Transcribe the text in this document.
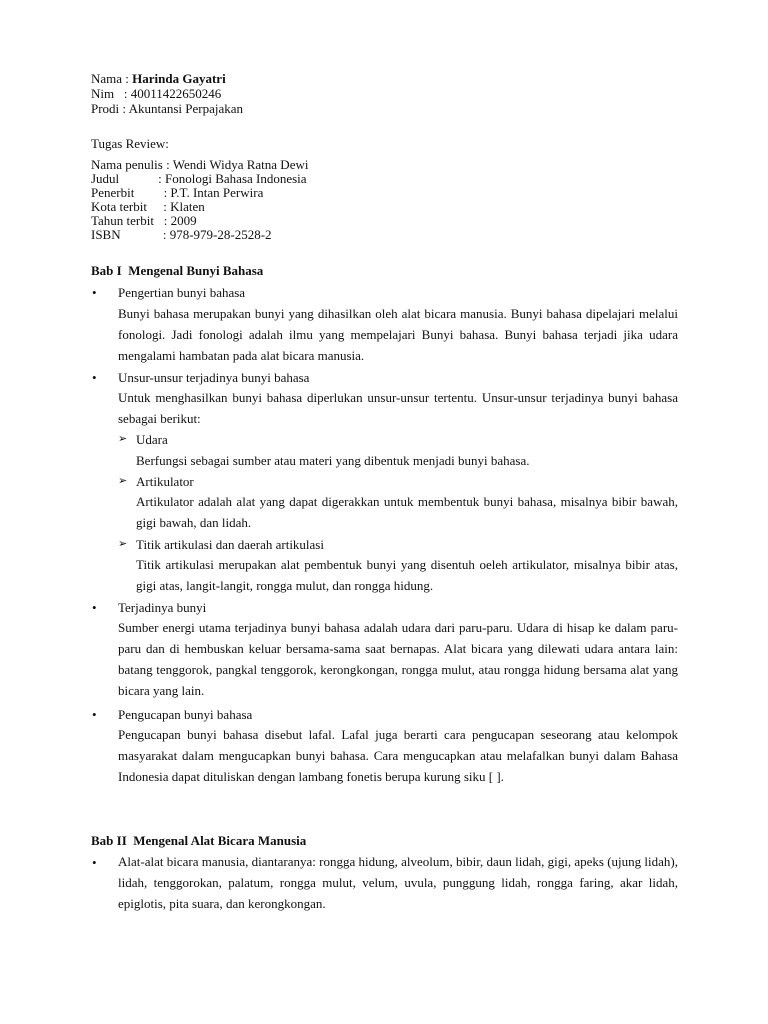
Nama : Harinda Gayatri
Nim   : 40011422650246
Prodi : Akuntansi Perpajakan
Tugas Review:
Nama penulis : Wendi Widya Ratna Dewi
Judul            : Fonologi Bahasa Indonesia
Penerbit         : P.T. Intan Perwira
Kota terbit     : Klaten
Tahun terbit   : 2009
ISBN             : 978-979-28-2528-2
Bab I  Mengenal Bunyi Bahasa
• Pengertian bunyi bahasa
Bunyi bahasa merupakan bunyi yang dihasilkan oleh alat bicara manusia. Bunyi bahasa dipelajari melalui fonologi. Jadi fonologi adalah ilmu yang mempelajari Bunyi bahasa. Bunyi bahasa terjadi jika udara mengalami hambatan pada alat bicara manusia.
• Unsur-unsur terjadinya bunyi bahasa
Untuk menghasilkan bunyi bahasa diperlukan unsur-unsur tertentu. Unsur-unsur terjadinya bunyi bahasa sebagai berikut:
➢ Udara
Berfungsi sebagai sumber atau materi yang dibentuk menjadi bunyi bahasa.
➢ Artikulator
Artikulator adalah alat yang dapat digerakkan untuk membentuk bunyi bahasa, misalnya bibir bawah, gigi bawah, dan lidah.
➢ Titik artikulasi dan daerah artikulasi
Titik artikulasi merupakan alat pembentuk bunyi yang disentuh oeleh artikulator, misalnya bibir atas, gigi atas, langit-langit, rongga mulut, dan rongga hidung.
• Terjadinya bunyi
Sumber energi utama terjadinya bunyi bahasa adalah udara dari paru-paru. Udara di hisap ke dalam paru-paru dan di hembuskan keluar bersama-sama saat bernapas. Alat bicara yang dilewati udara antara lain: batang tenggorok, pangkal tenggorok, kerongkongan, rongga mulut, atau rongga hidung bersama alat yang bicara yang lain.
• Pengucapan bunyi bahasa
Pengucapan bunyi bahasa disebut lafal. Lafal juga berarti cara pengucapan seseorang atau kelompok masyarakat dalam mengucapkan bunyi bahasa. Cara mengucapkan atau melafalkan bunyi dalam Bahasa Indonesia dapat dituliskan dengan lambang fonetis berupa kurung siku [ ].
Bab II  Mengenal Alat Bicara Manusia
• Alat-alat bicara manusia, diantaranya: rongga hidung, alveolum, bibir, daun lidah, gigi, apeks (ujung lidah), lidah, tenggorokan, palatum, rongga mulut, velum, uvula, punggung lidah, rongga faring, akar lidah, epiglotis, pita suara, dan kerongkongan.
